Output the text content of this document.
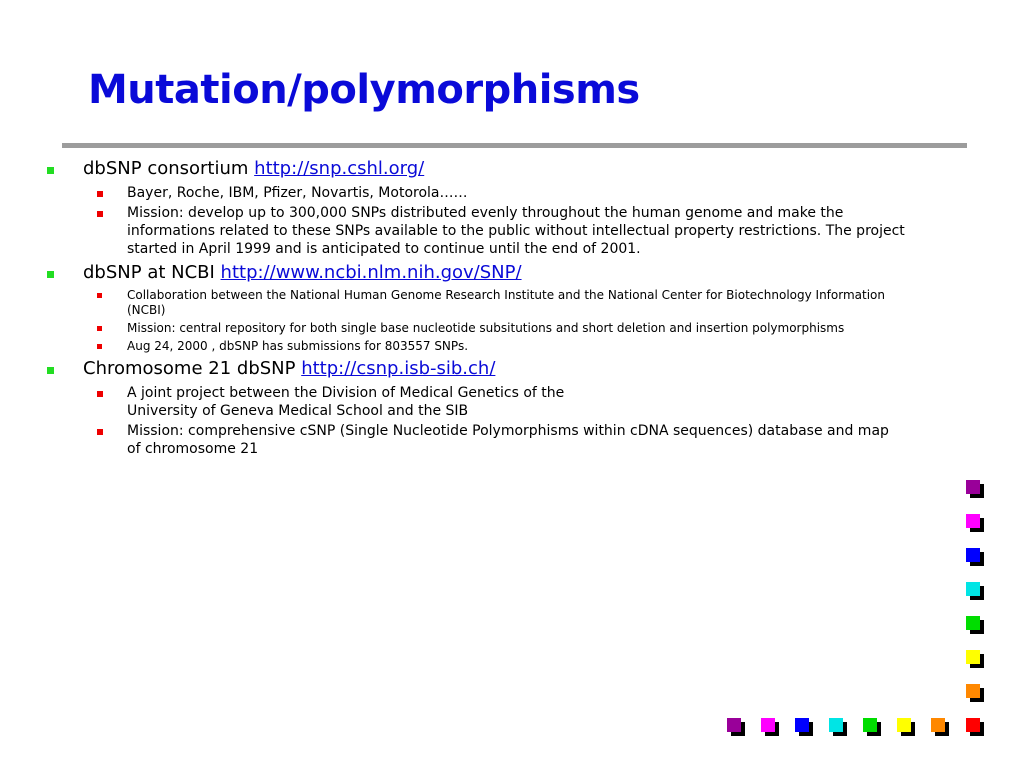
Mutation/polymorphisms
dbSNP consortium http://snp.cshl.org/
Bayer, Roche, IBM, Pfizer, Novartis, Motorola……
Mission: develop up to 300,000 SNPs distributed evenly throughout the human genome and make the informations related to these SNPs available to the public without intellectual property restrictions. The project started in April 1999 and is anticipated to continue until the end of 2001.
dbSNP at NCBI http://www.ncbi.nlm.nih.gov/SNP/
Collaboration between the National Human Genome Research Institute and the National Center for Biotechnology Information (NCBI)
Mission: central repository for both single base nucleotide subsitutions and short deletion and insertion polymorphisms
Aug 24, 2000 , dbSNP has submissions for 803557 SNPs.
Chromosome 21 dbSNP http://csnp.isb-sib.ch/
A joint project between the Division of Medical Genetics of the
University of Geneva Medical School and the SIB
Mission: comprehensive cSNP (Single Nucleotide Polymorphisms within cDNA sequences) database and map of chromosome 21
